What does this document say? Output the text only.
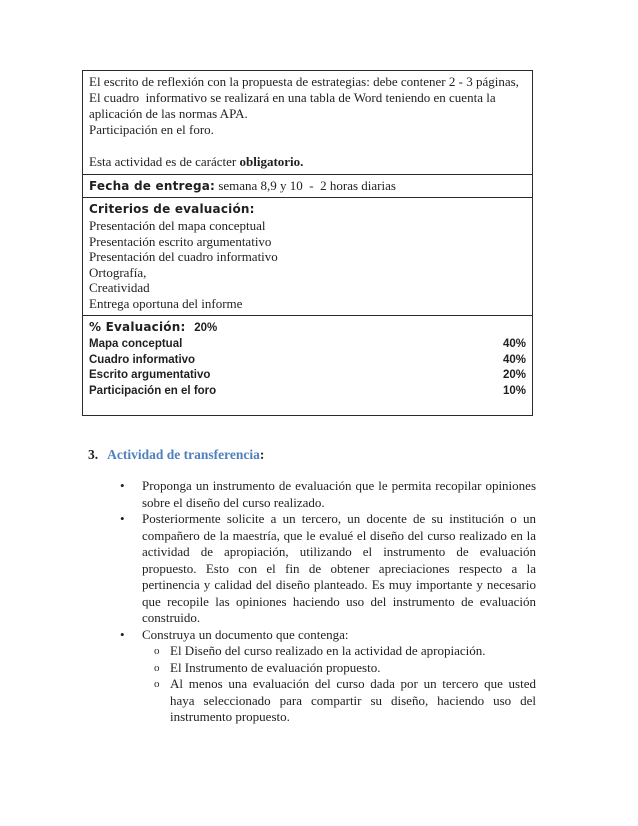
El escrito de reflexión con la propuesta de estrategias: debe contener 2 - 3 páginas,
El cuadro  informativo se realizará en una tabla de Word teniendo en cuenta la
aplicación de las normas APA.
Participación en el foro.
Esta actividad es de carácter obligatorio.
Fecha de entrega: semana 8,9 y 10  -  2 horas diarias
Criterios de evaluación:
Presentación del mapa conceptual
Presentación escrito argumentativo
Presentación del cuadro informativo
Ortografía,
Creatividad
Entrega oportuna del informe
% Evaluación: 20%
Mapa conceptual	40%
Cuadro informativo	40%
Escrito argumentativo	20%
Participación en el foro	10%
3. Actividad de transferencia:
•	Proponga un instrumento de evaluación que le permita recopilar opiniones sobre el diseño del curso realizado.
•	Posteriormente solicite a un tercero, un docente de su institución o un compañero de la maestría, que le evalué el diseño del curso realizado en la actividad de apropiación, utilizando el instrumento de evaluación propuesto. Esto con el fin de obtener apreciaciones respecto a la pertinencia y calidad del diseño planteado. Es muy importante y necesario que recopile las opiniones haciendo uso del instrumento de evaluación construido.
•	Construya un documento que contenga:
o El Diseño del curso realizado en la actividad de apropiación.
o El Instrumento de evaluación propuesto.
o Al menos una evaluación del curso dada por un tercero que usted haya seleccionado para compartir su diseño, haciendo uso del instrumento propuesto.
